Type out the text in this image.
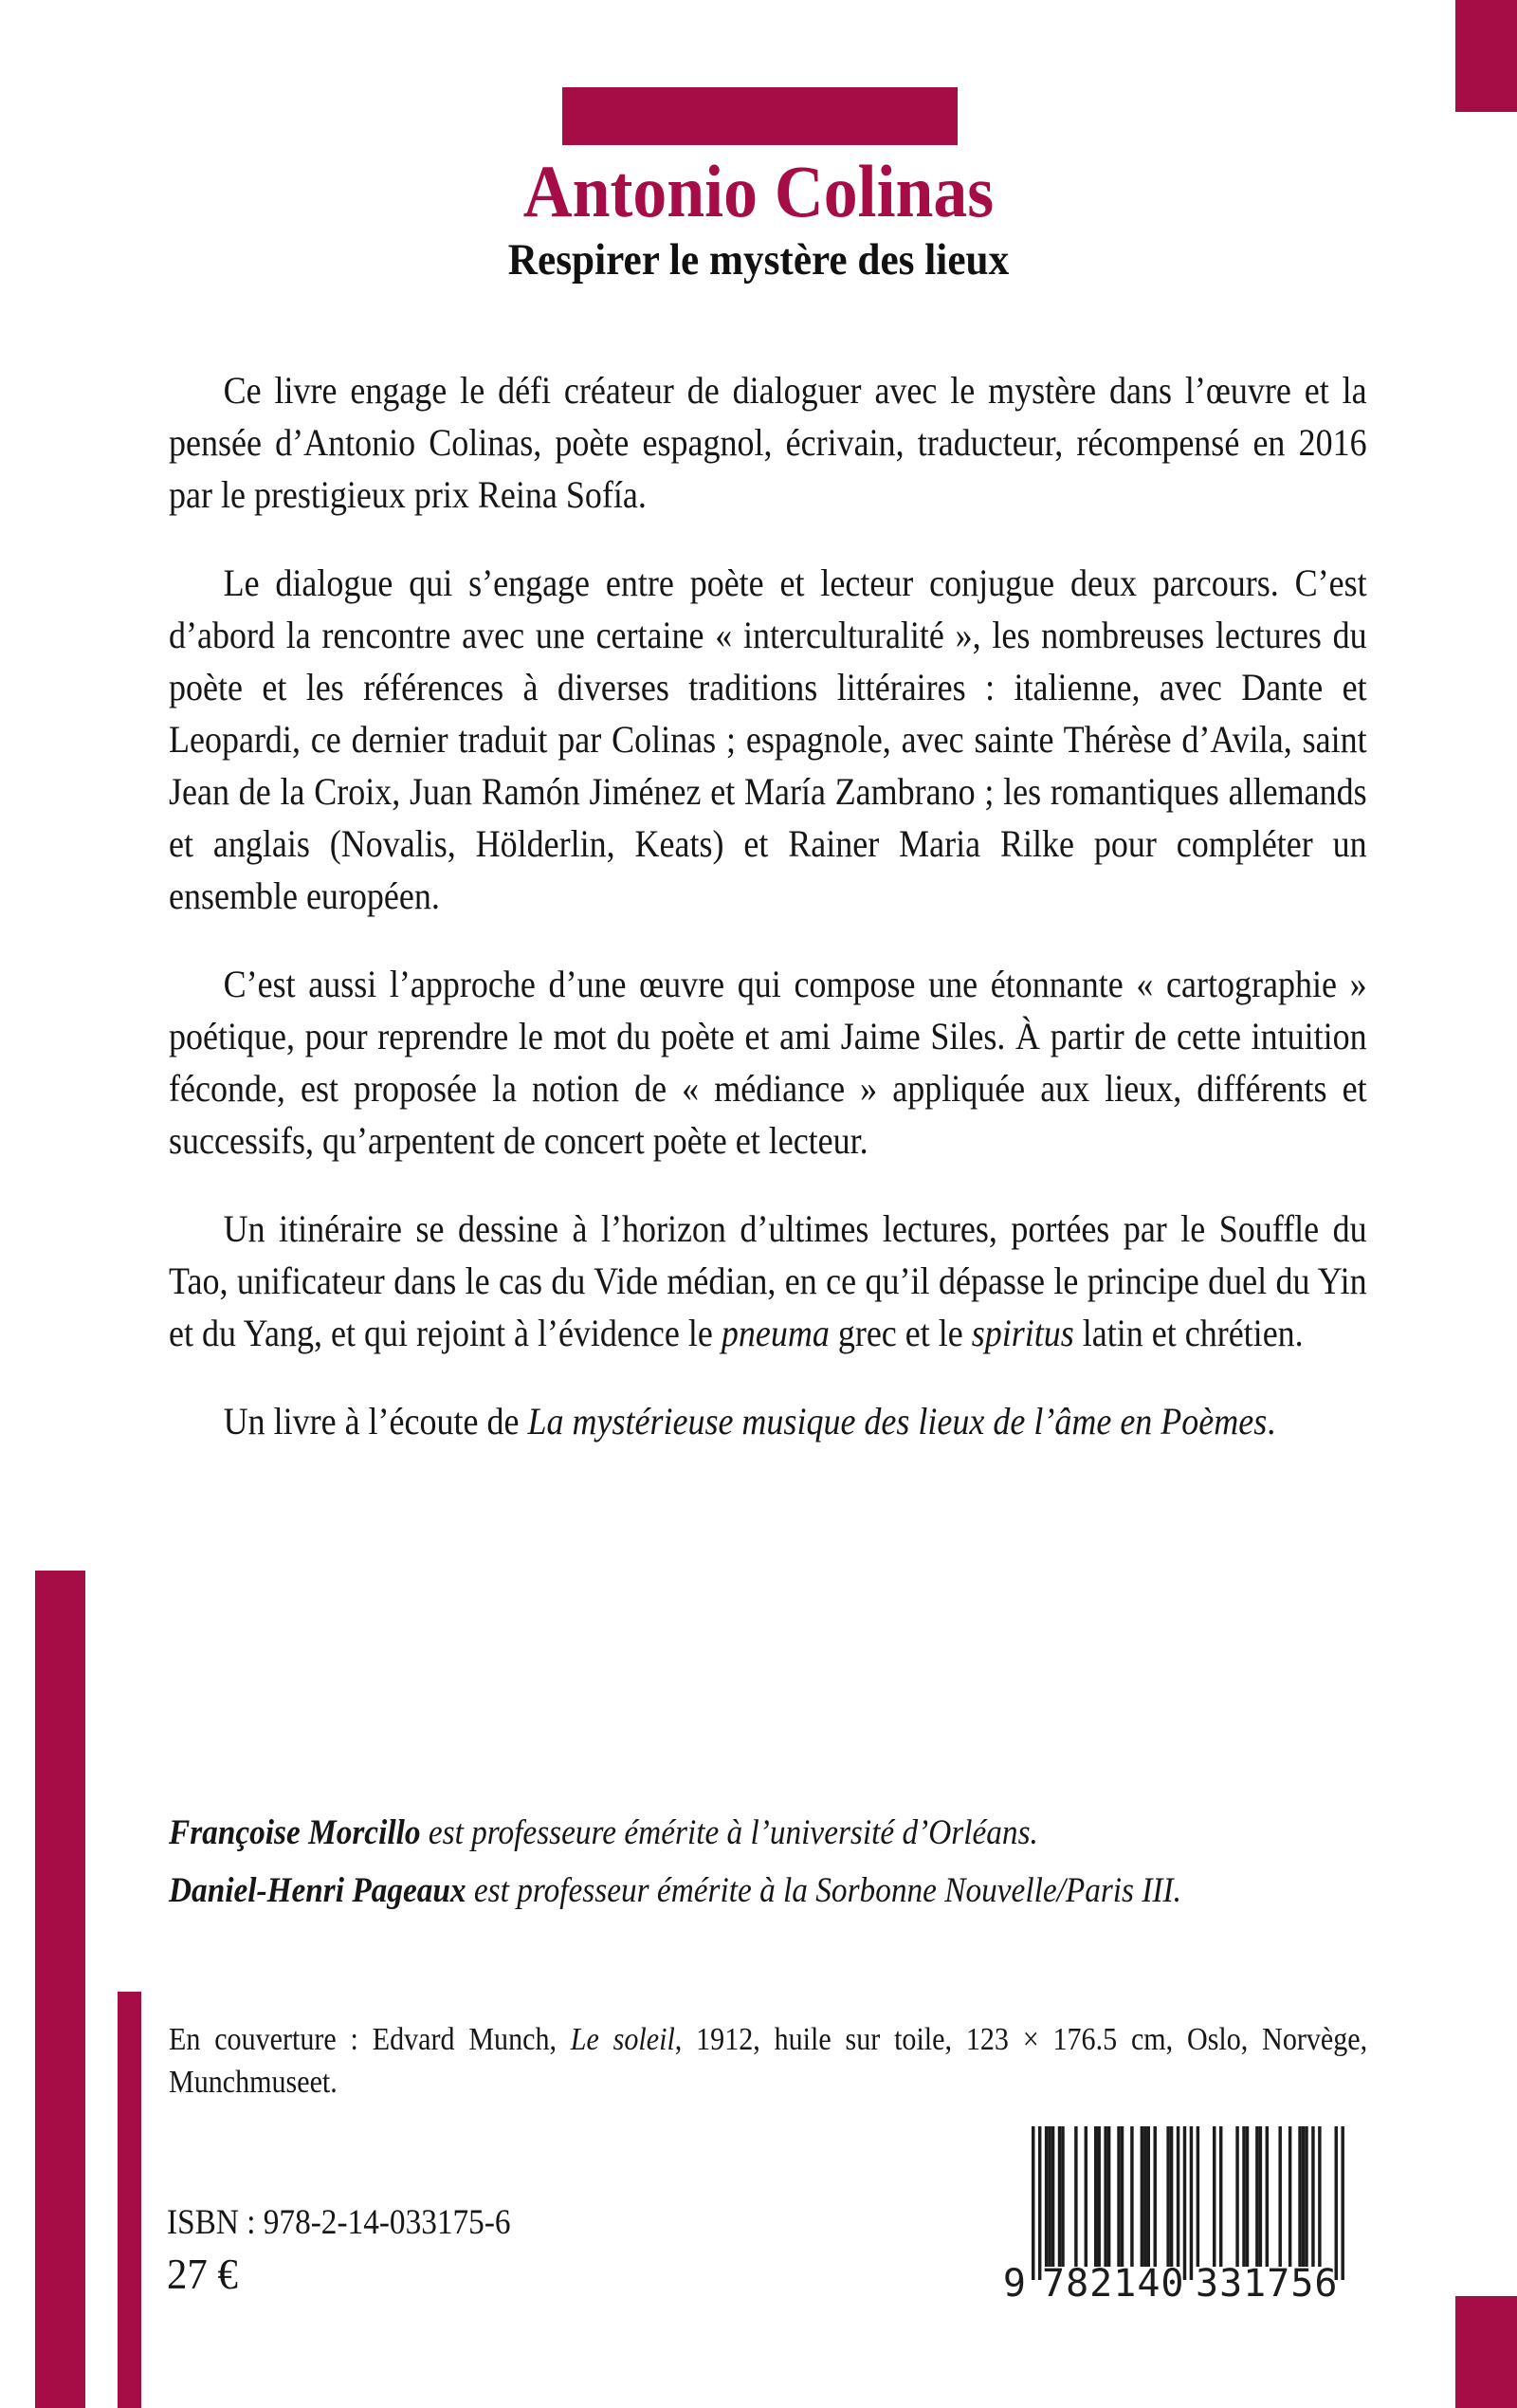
Antonio Colinas
Respirer le mystère des lieux

Ce livre engage le défi créateur de dialoguer avec le mystère dans l’œuvre et la pensée d’Antonio Colinas, poète espagnol, écrivain, traducteur, récompensé en 2016 par le prestigieux prix Reina Sofía.

Le dialogue qui s’engage entre poète et lecteur conjugue deux parcours. C’est d’abord la rencontre avec une certaine « interculturalité », les nombreuses lectures du poète et les références à diverses traditions littéraires : italienne, avec Dante et Leopardi, ce dernier traduit par Colinas ; espagnole, avec sainte Thérèse d’Avila, saint Jean de la Croix, Juan Ramón Jiménez et María Zambrano ; les romantiques allemands et anglais (Novalis, Hölderlin, Keats) et Rainer Maria Rilke pour compléter un ensemble européen.

C’est aussi l’approche d’une œuvre qui compose une étonnante « cartographie » poétique, pour reprendre le mot du poète et ami Jaime Siles. À partir de cette intuition féconde, est proposée la notion de « médiance » appliquée aux lieux, différents et successifs, qu’arpentent de concert poète et lecteur.

Un itinéraire se dessine à l’horizon d’ultimes lectures, portées par le Souffle du Tao, unificateur dans le cas du Vide médian, en ce qu’il dépasse le principe duel du Yin et du Yang, et qui rejoint à l’évidence le pneuma grec et le spiritus latin et chrétien.

Un livre à l’écoute de La mystérieuse musique des lieux de l’âme en Poèmes.

Françoise Morcillo est professeure émérite à l’université d’Orléans.

Daniel-Henri Pageaux est professeur émérite à la Sorbonne Nouvelle/Paris III.

En couverture : Edvard Munch, Le soleil, 1912, huile sur toile, 123 × 176.5 cm, Oslo, Norvège, Munchmuseet.

ISBN : 978-2-14-033175-6

27 €	9 782140 331756
